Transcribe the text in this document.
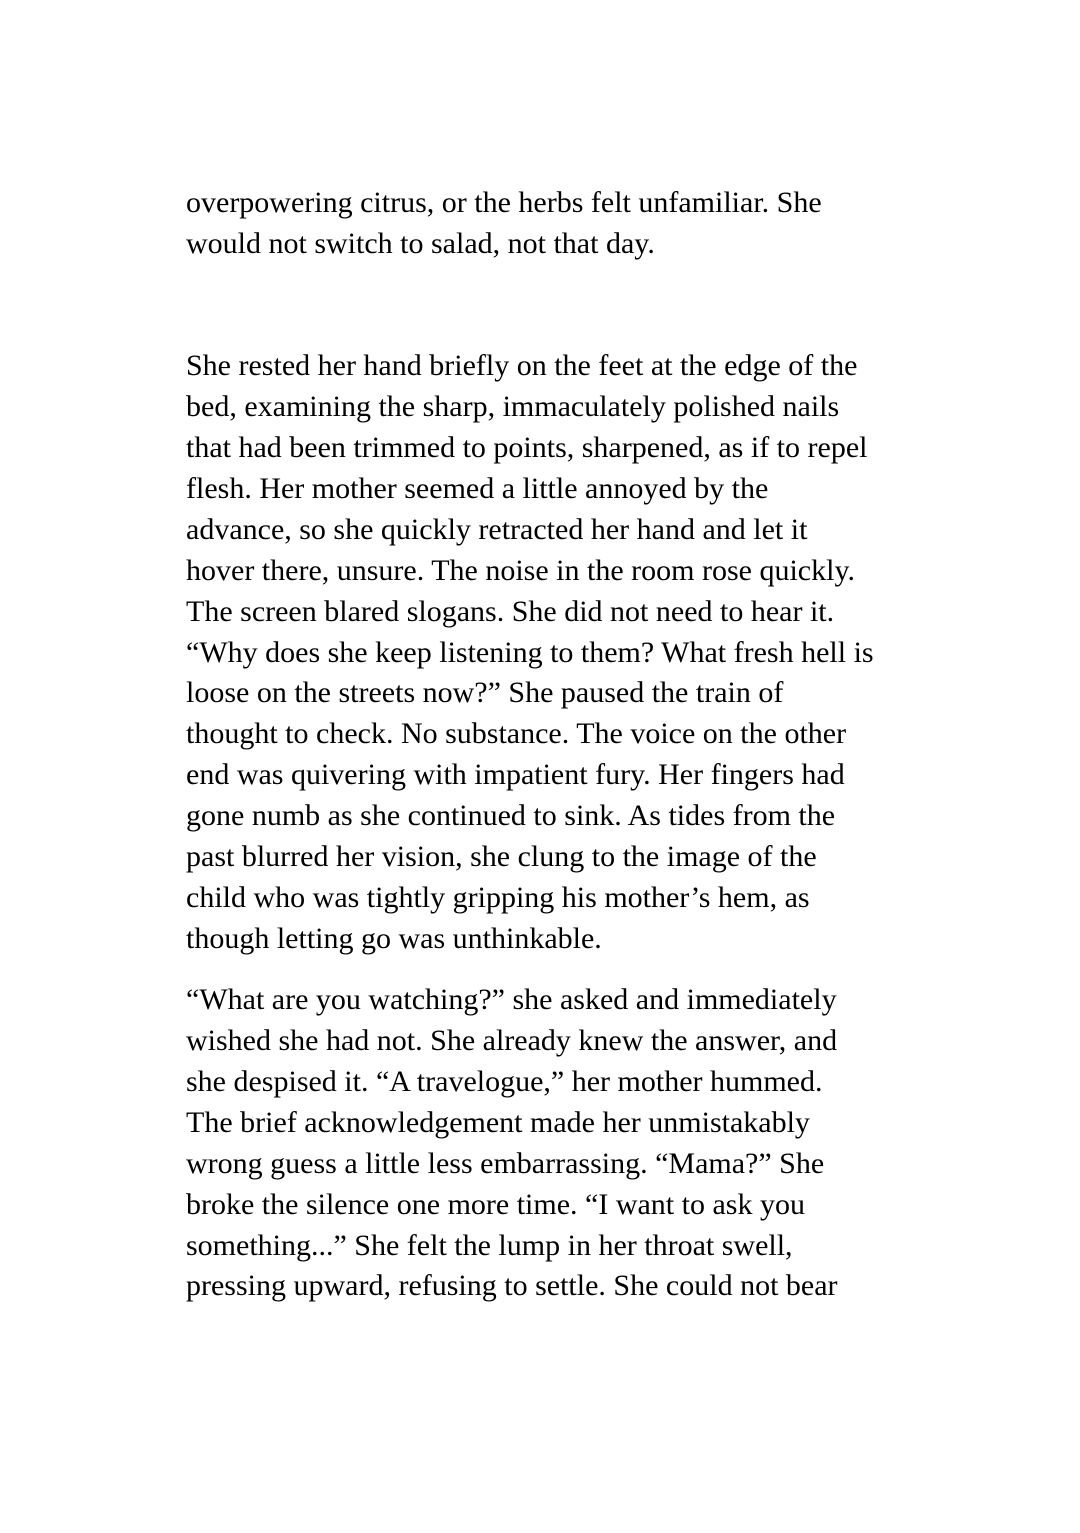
overpowering citrus, or the herbs felt unfamiliar. She

would not switch to salad, not that day.

She rested her hand briefly on the feet at the edge of the

bed, examining the sharp, immaculately polished nails

that had been trimmed to points, sharpened, as if to repel

flesh. Her mother seemed a little annoyed by the

advance, so she quickly retracted her hand and let it

hover there, unsure. The noise in the room rose quickly.

The screen blared slogans. She did not need to hear it.

“Why does she keep listening to them? What fresh hell is

loose on the streets now?” She paused the train of

thought to check. No substance. The voice on the other

end was quivering with impatient fury. Her fingers had

gone numb as she continued to sink. As tides from the

past blurred her vision, she clung to the image of the

child who was tightly gripping his mother’s hem, as

though letting go was unthinkable.

“What are you watching?” she asked and immediately

wished she had not. She already knew the answer, and

she despised it. “A travelogue,” her mother hummed.

The brief acknowledgement made her unmistakably

wrong guess a little less embarrassing. “Mama?” She

broke the silence one more time. “I want to ask you

something...” She felt the lump in her throat swell,

pressing upward, refusing to settle. She could not bear
